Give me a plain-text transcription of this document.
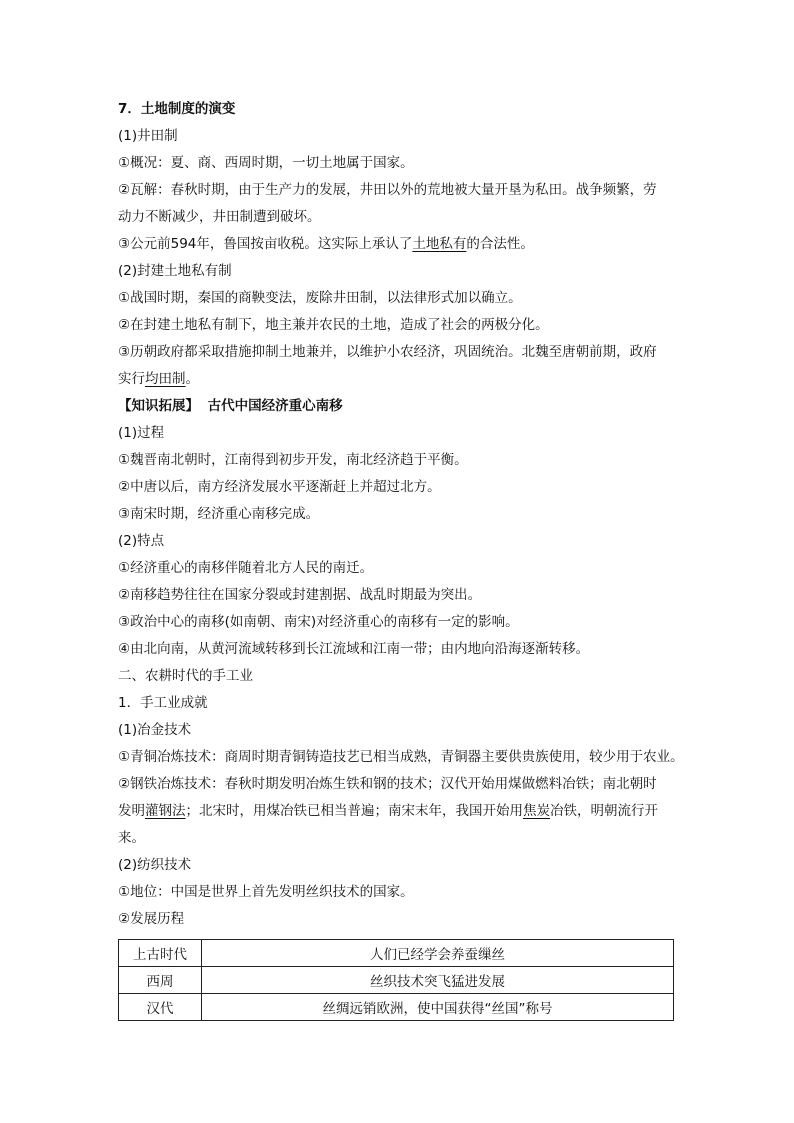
7．土地制度的演变
(1)井田制
①概况：夏、商、西周时期，一切土地属于国家。
②瓦解：春秋时期，由于生产力的发展，井田以外的荒地被大量开垦为私田。战争频繁，劳
动力不断减少，井田制遭到破坏。
③公元前594年，鲁国按亩收税。这实际上承认了土地私有的合法性。
(2)封建土地私有制
①战国时期，秦国的商鞅变法，废除井田制，以法律形式加以确立。
②在封建土地私有制下，地主兼并农民的土地，造成了社会的两极分化。
③历朝政府都采取措施抑制土地兼并，以维护小农经济，巩固统治。北魏至唐朝前期，政府
实行均田制。
【知识拓展】 古代中国经济重心南移
(1)过程
①魏晋南北朝时，江南得到初步开发，南北经济趋于平衡。
②中唐以后，南方经济发展水平逐渐赶上并超过北方。
③南宋时期，经济重心南移完成。
(2)特点
①经济重心的南移伴随着北方人民的南迁。
②南移趋势往往在国家分裂或封建割据、战乱时期最为突出。
③政治中心的南移(如南朝、南宋)对经济重心的南移有一定的影响。
④由北向南，从黄河流域转移到长江流域和江南一带；由内地向沿海逐渐转移。
二、农耕时代的手工业
1．手工业成就
(1)冶金技术
①青铜冶炼技术：商周时期青铜铸造技艺已相当成熟，青铜器主要供贵族使用，较少用于农业。
②钢铁冶炼技术：春秋时期发明冶炼生铁和钢的技术；汉代开始用煤做燃料冶铁；南北朝时
发明灌钢法；北宋时，用煤冶铁已相当普遍；南宋末年，我国开始用焦炭冶铁，明朝流行开
来。
(2)纺织技术
①地位：中国是世界上首先发明丝织技术的国家。
②发展历程
上古时代	人们已经学会养蚕缫丝
西周	丝织技术突飞猛进发展
汉代	丝绸远销欧洲，使中国获得“丝国”称号
